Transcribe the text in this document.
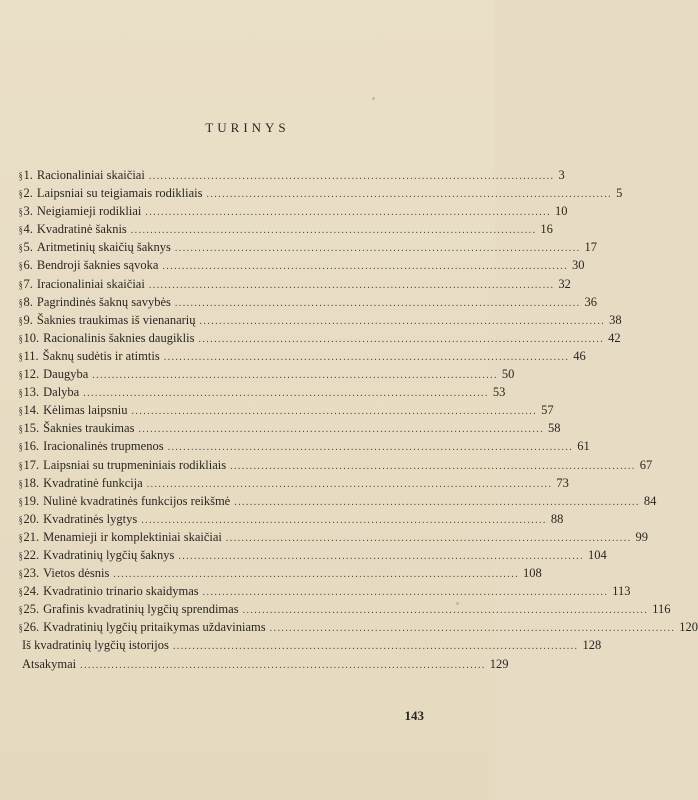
TURINYS
§ 1. Racionaliniai skaičiai .....	3
§ 2. Laipsniai su teigiamais rodikliais .....	5
§ 3. Neigiamieji rodikliai .....	10
§ 4. Kvadratinė šaknis .....	16
§ 5. Aritmetinių skaičių šaknys .....	17
§ 6. Bendroji šaknies sąvoka .....	30
§ 7. Iracionaliniai skaičiai .....	32
§ 8. Pagrindinės šaknų savybės .....	36
§ 9. Šaknies traukimas iš vienanarių .....	38
§ 10. Racionalinis šaknies daugiklis .....	42
§ 11. Šaknų sudėtis ir atimtis .....	46
§ 12. Daugyba .....	50
§ 13. Dalyba .....	53
§ 14. Kėlimas laipsniu .....	57
§ 15. Šaknies traukimas .....	58
§ 16. Iracionalinės trupmenos .....	61
§ 17. Laipsniai su trupmeniniais rodikliais .....	67
§ 18. Kvadratinė funkcija .....	73
§ 19. Nulinė kvadratinės funkcijos reikšmė .....	84
§ 20. Kvadratinės lygtys .....	88
§ 21. Menamieji ir komplektiniai skaičiai .....	99
§ 22. Kvadratinių lygčių šaknys .....	104
§ 23. Vietos dėsnis .....	108
§ 24. Kvadratinio trinario skaidymas .....	113
§ 25. Grafinis kvadratinių lygčių sprendimas .....	116
§ 26. Kvadratinių lygčių pritaikymas uždaviniams .....	120
Iš kvadratinių lygčių istorijos .....	128
Atsakymai .....	129
143
